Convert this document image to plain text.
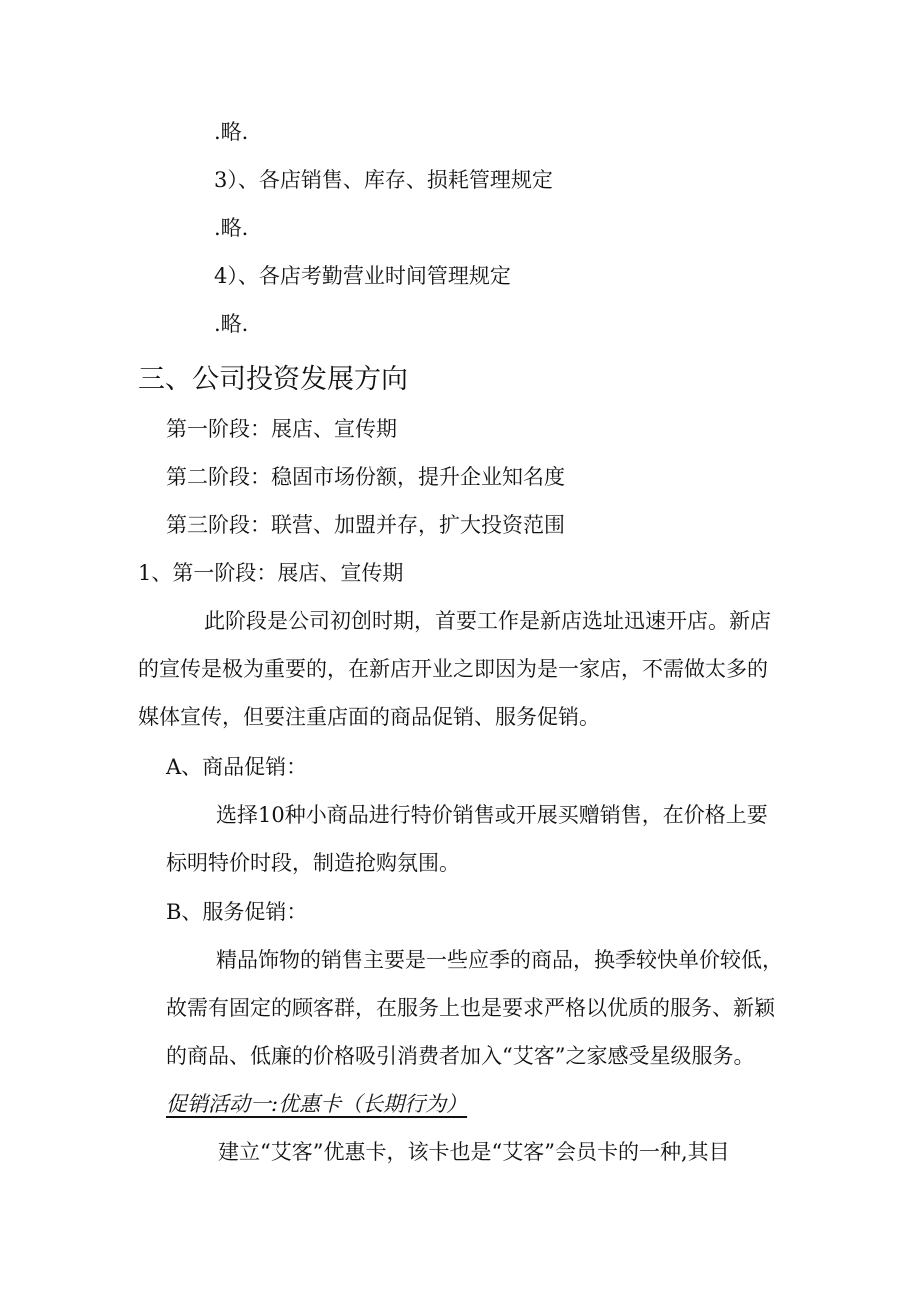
.略.
3）、各店销售、库存、损耗管理规定
.略.
4）、各店考勤营业时间管理规定
.略.
三、公司投资发展方向
第一阶段：展店、宣传期
第二阶段：稳固市场份额，提升企业知名度
第三阶段：联营、加盟并存，扩大投资范围
1、第一阶段：展店、宣传期
此阶段是公司初创时期，首要工作是新店选址迅速开店。新店
的宣传是极为重要的，在新店开业之即因为是一家店，不需做太多的
媒体宣传，但要注重店面的商品促销、服务促销。
A、商品促销：
选择10种小商品进行特价销售或开展买赠销售，在价格上要
标明特价时段，制造抢购氛围。
B、服务促销：
精品饰物的销售主要是一些应季的商品，换季较快单价较低，
故需有固定的顾客群，在服务上也是要求严格以优质的服务、新颖
的商品、低廉的价格吸引消费者加入“艾客”之家感受星级服务。
促销活动一:优惠卡（长期行为）
建立“艾客”优惠卡，该卡也是“艾客”会员卡的一种,其目
